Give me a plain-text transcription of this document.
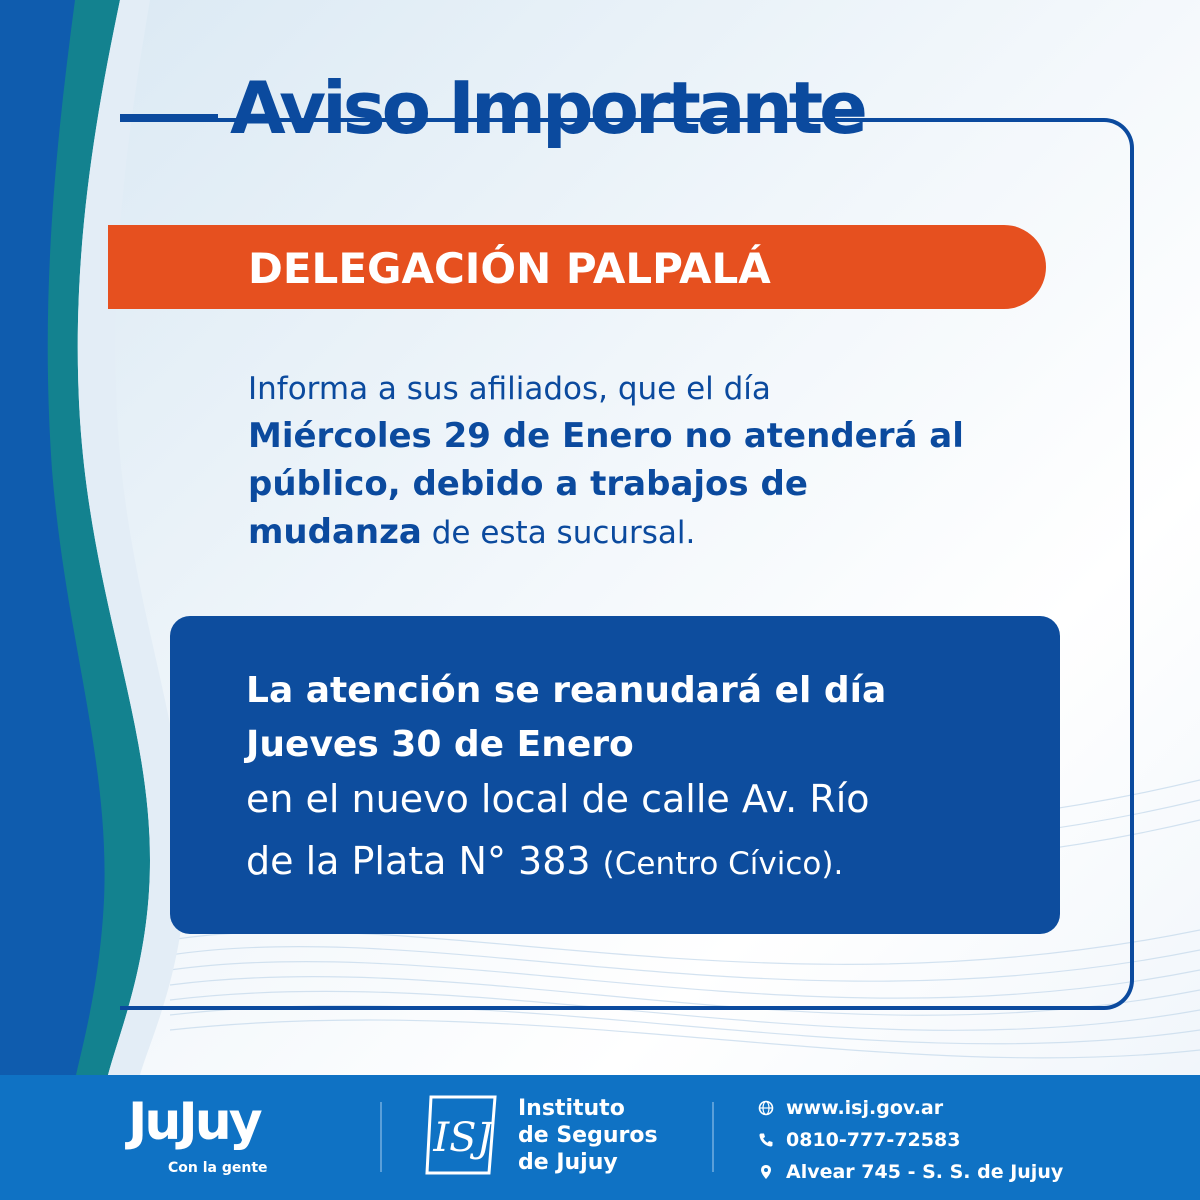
Aviso Importante
DELEGACIÓN PALPALÁ
Informa a sus afiliados, que el día
Miércoles 29 de Enero no atenderá al
público, debido a trabajos de
mudanza de esta sucursal.
La atención se reanudará el día
Jueves 30 de Enero
en el nuevo local de calle Av. Río
de la Plata N° 383 (Centro Cívico).
JuJuy
Con la gente
ISJ
Instituto
de Seguros
de Jujuy
www.isj.gov.ar
0810-777-72583
Alvear 745 - S. S. de Jujuy
